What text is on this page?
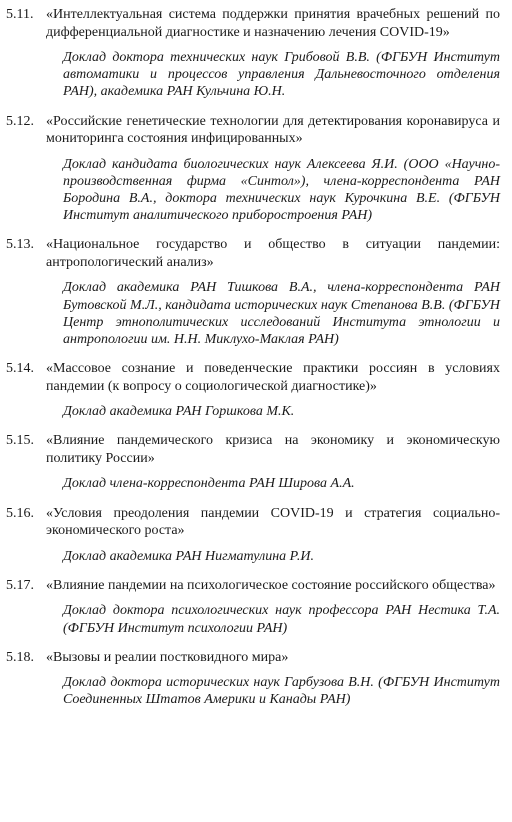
5.11. «Интеллектуальная система поддержки принятия врачебных решений по дифференциальной диагностике и назначению лечения COVID-19»
Доклад доктора технических наук Грибовой В.В. (ФГБУН Институт автоматики и процессов управления Дальневосточного отделения РАН), академика РАН Кульчина Ю.Н.
5.12. «Российские генетические технологии для детектирования коронавируса и мониторинга состояния инфицированных»
Доклад кандидата биологических наук Алексеева Я.И. (ООО «Научно-производственная фирма «Синтол»), члена-корреспондента РАН Бородина В.А., доктора технических наук Курочкина В.Е. (ФГБУН Институт аналитического приборостроения РАН)
5.13. «Национальное государство и общество в ситуации пандемии: антропологический анализ»
Доклад академика РАН Тишкова В.А., члена-корреспондента РАН Бутовской М.Л., кандидата исторических наук Степанова В.В. (ФГБУН Центр этнополитических исследований Института этнологии и антропологии им. Н.Н. Миклухо-Маклая РАН)
5.14. «Массовое сознание и поведенческие практики россиян в условиях пандемии (к вопросу о социологической диагностике)»
Доклад академика РАН Горшкова М.К.
5.15. «Влияние пандемического кризиса на экономику и экономическую политику России»
Доклад члена-корреспондента РАН Широва А.А.
5.16. «Условия преодоления пандемии COVID-19 и стратегия социально-экономического роста»
Доклад академика РАН Нигматулина Р.И.
5.17. «Влияние пандемии на психологическое состояние российского общества»
Доклад доктора психологических наук профессора РАН Нестика Т.А. (ФГБУН Институт психологии РАН)
5.18. «Вызовы и реалии постковидного мира»
Доклад доктора исторических наук Гарбузова В.Н. (ФГБУН Институт Соединенных Штатов Америки и Канады РАН)
